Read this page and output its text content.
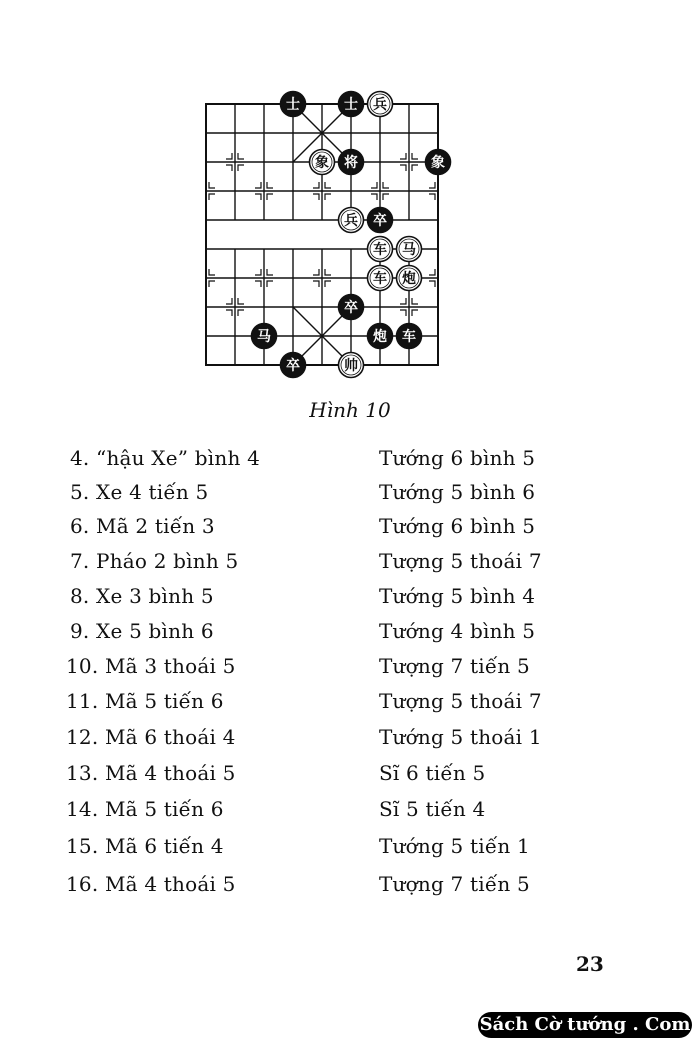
士	士 兵
象 将	象
兵 卒
车 马
车 炮
卒
马	炮 车
卒	帅
Hình 10
4. “hậu Xe” bình 4	Tướng 6 bình 5
5. Xe 4 tiến 5	Tướng 5 bình 6
6. Mã 2 tiến 3	Tướng 6 bình 5
7. Pháo 2 bình 5	Tượng 5 thoái 7
8. Xe 3 bình 5	Tướng 5 bình 4
9. Xe 5 bình 6	Tướng 4 bình 5
10. Mã 3 thoái 5	Tượng 7 tiến 5
11. Mã 5 tiến 6	Tượng 5 thoái 7
12. Mã 6 thoái 4	Tướng 5 thoái 1
13. Mã 4 thoái 5	Sĩ 6 tiến 5
14. Mã 5 tiến 6	Sĩ 5 tiến 4
15. Mã 6 tiến 4	Tướng 5 tiến 1
16. Mã 4 thoái 5	Tượng 7 tiến 5
23
Sách Cờ tướng . Com
